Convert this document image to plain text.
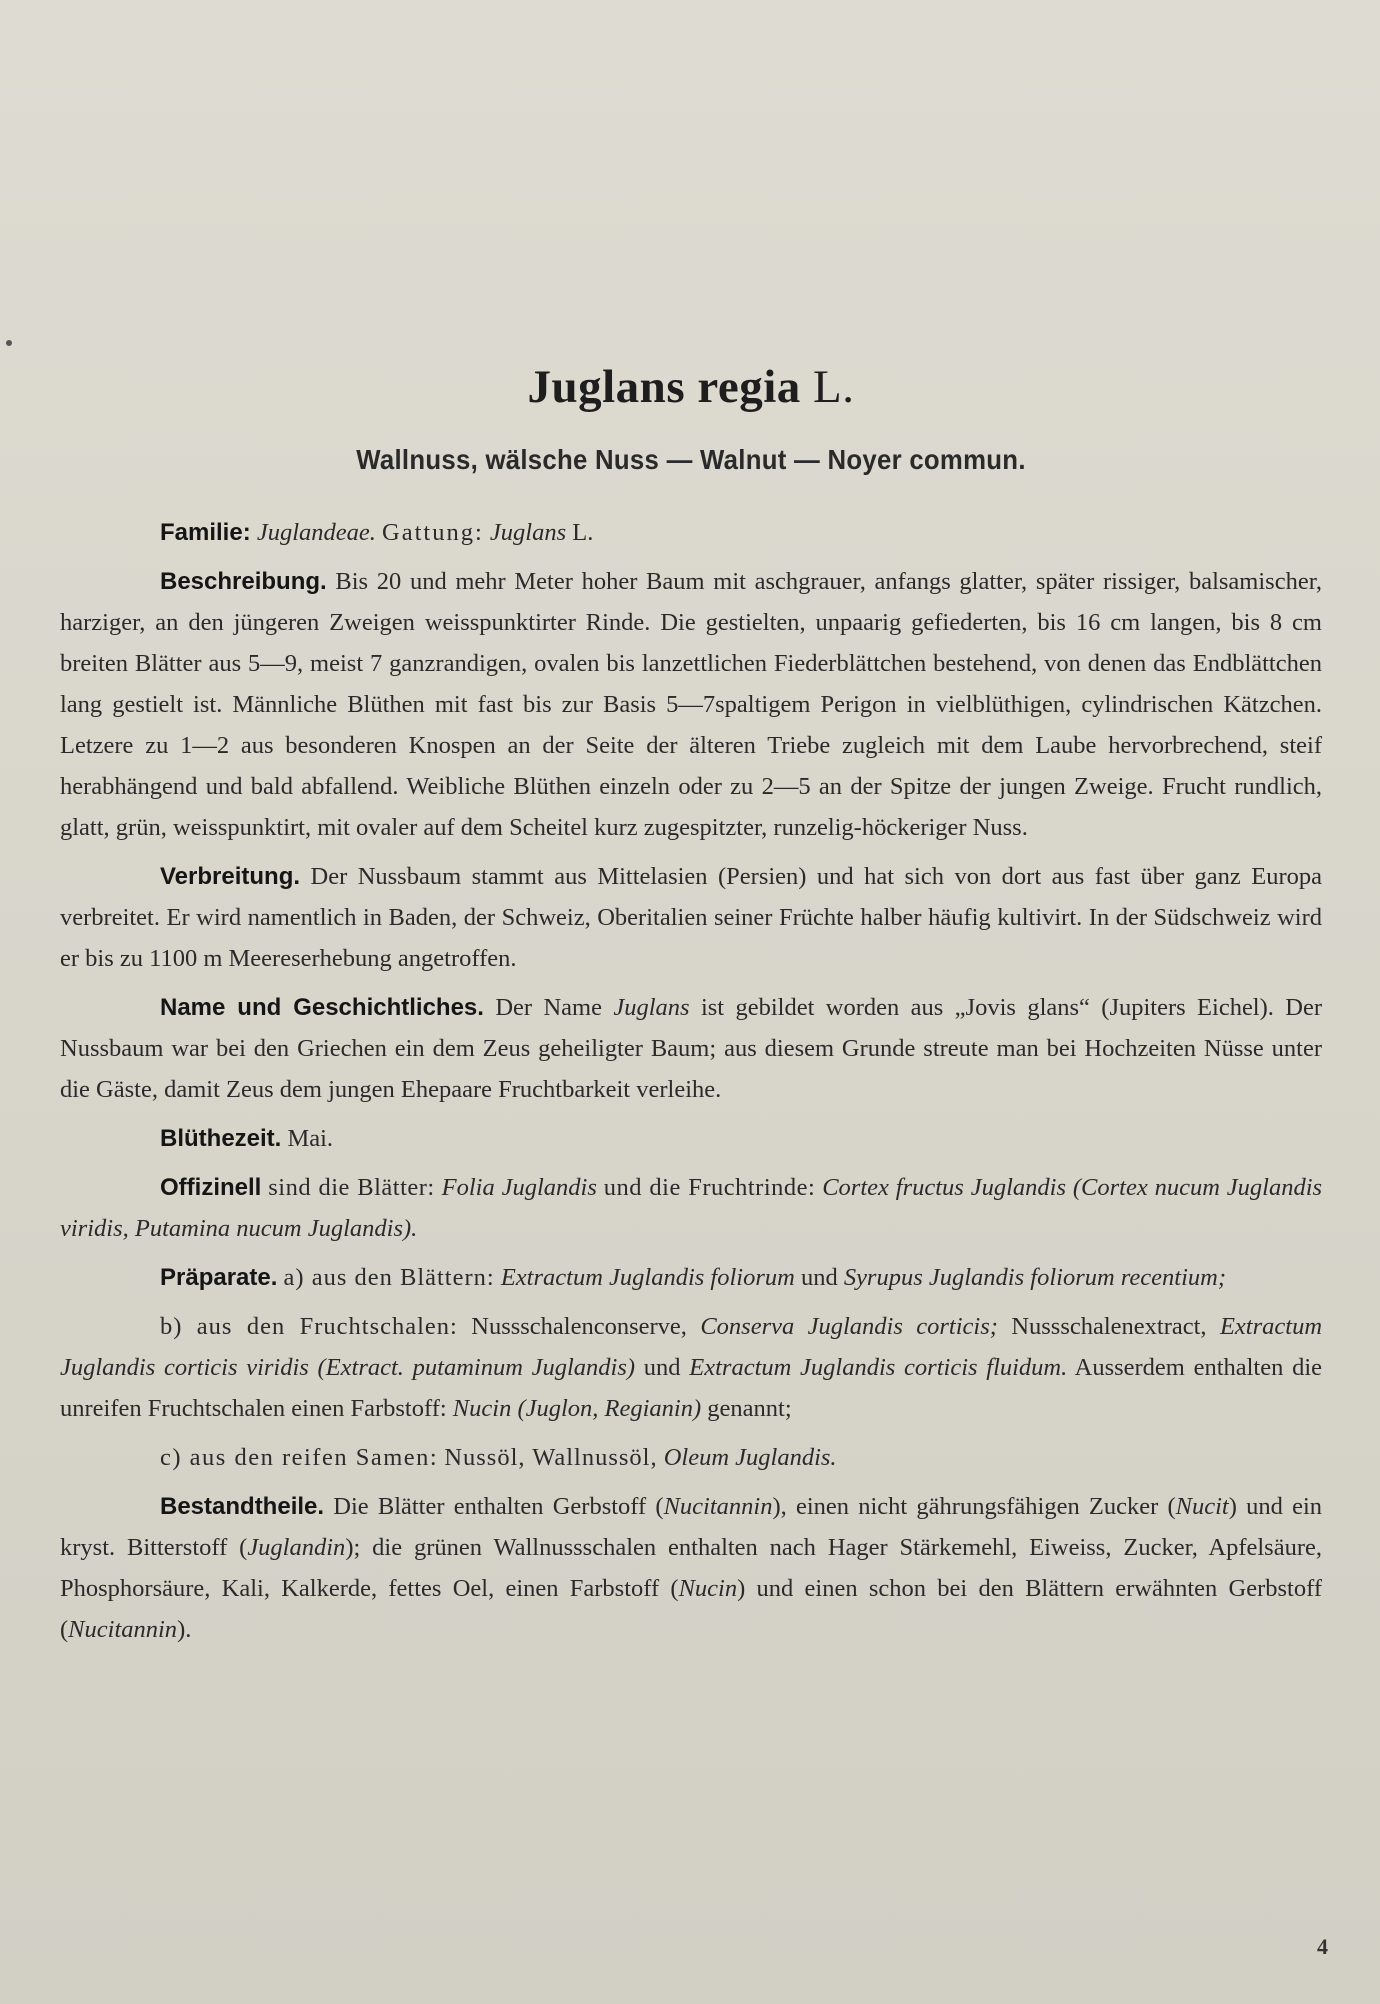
Juglans regia L.
Wallnuss, wälsche Nuss — Walnut — Noyer commun.

Familie: Juglandeae. Gattung: Juglans L.

Beschreibung. Bis 20 und mehr Meter hoher Baum mit aschgrauer, anfangs glatter, später rissiger, balsamischer, harziger, an den jüngeren Zweigen weisspunktirter Rinde. Die gestielten, unpaarig gefiederten, bis 16 cm langen, bis 8 cm breiten Blätter aus 5—9, meist 7 ganzrandigen, ovalen bis lanzettlichen Fiederblättchen bestehend, von denen das Endblättchen lang gestielt ist. Männliche Blüthen mit fast bis zur Basis 5—7spaltigem Perigon in vielblüthigen, cylindrischen Kätzchen. Letzere zu 1—2 aus besonderen Knospen an der Seite der älteren Triebe zugleich mit dem Laube hervorbrechend, steif herabhängend und bald abfallend. Weibliche Blüthen einzeln oder zu 2—5 an der Spitze der jungen Zweige. Frucht rundlich, glatt, grün, weisspunktirt, mit ovaler auf dem Scheitel kurz zugespitzter, runzelig-höckeriger Nuss.

Verbreitung. Der Nussbaum stammt aus Mittelasien (Persien) und hat sich von dort aus fast über ganz Europa verbreitet. Er wird namentlich in Baden, der Schweiz, Oberitalien seiner Früchte halber häufig kultivirt. In der Südschweiz wird er bis zu 1100 m Meereserhebung angetroffen.

Name und Geschichtliches. Der Name Juglans ist gebildet worden aus „Jovis glans“ (Jupiters Eichel). Der Nussbaum war bei den Griechen ein dem Zeus geheiligter Baum; aus diesem Grunde streute man bei Hochzeiten Nüsse unter die Gäste, damit Zeus dem jungen Ehepaare Fruchtbarkeit verleihe.

Blüthezeit. Mai.

Offizinell sind die Blätter: Folia Juglandis und die Fruchtrinde: Cortex fructus Juglandis (Cortex nucum Juglandis viridis, Putamina nucum Juglandis).

Präparate. a) aus den Blättern: Extractum Juglandis foliorum und Syrupus Juglandis foliorum recentium;

b) aus den Fruchtschalen: Nussschalenconserve, Conserva Juglandis corticis; Nussschalenextract, Extractum Juglandis corticis viridis (Extract. putaminum Juglandis) und Extractum Juglandis corticis fluidum. Ausserdem enthalten die unreifen Fruchtschalen einen Farbstoff: Nucin (Juglon, Regianin) genannt;

c) aus den reifen Samen: Nussöl, Wallnussöl, Oleum Juglandis.

Bestandtheile. Die Blätter enthalten Gerbstoff (Nucitannin), einen nicht gährungsfähigen Zucker (Nucit) und ein kryst. Bitterstoff (Juglandin); die grünen Wallnussschalen enthalten nach Hager Stärkemehl, Eiweiss, Zucker, Apfelsäure, Phosphorsäure, Kali, Kalkerde, fettes Oel, einen Farbstoff (Nucin) und einen schon bei den Blättern erwähnten Gerbstoff (Nucitannin).

4
